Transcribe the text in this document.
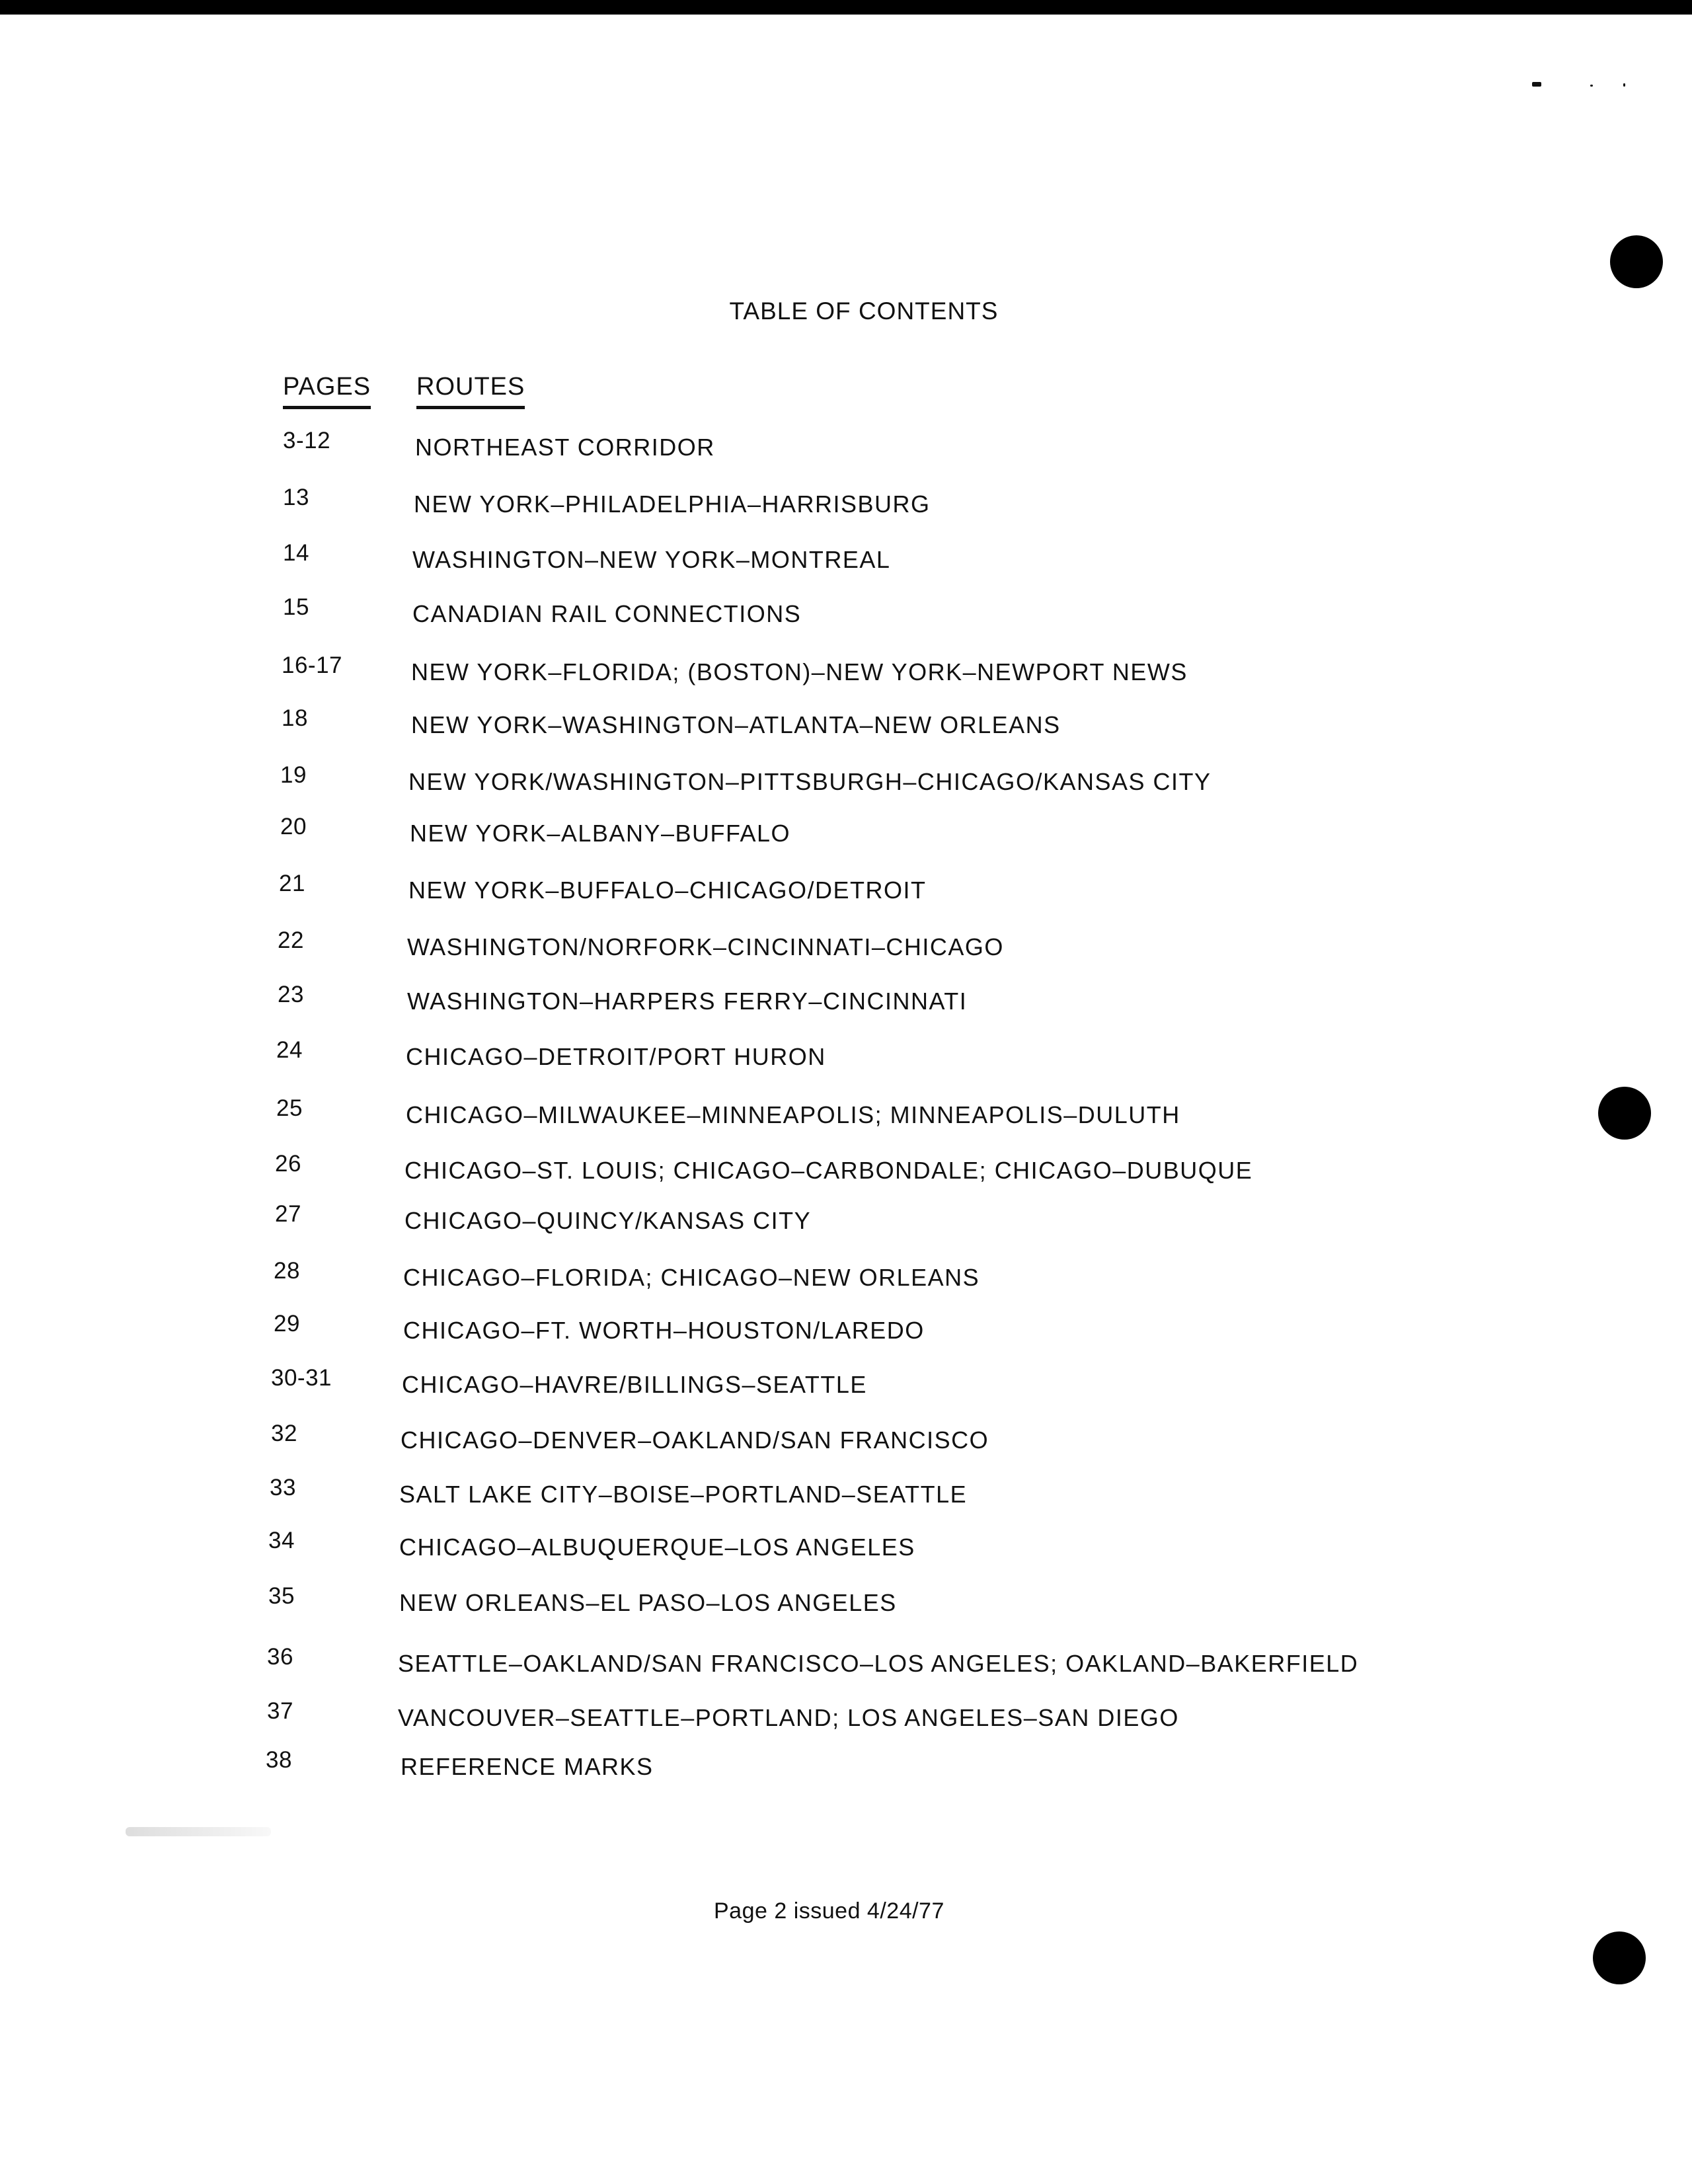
TABLE OF CONTENTS
PAGES ROUTES
3-12	NORTHEAST CORRIDOR
13	NEW YORK–PHILADELPHIA–HARRISBURG
14	WASHINGTON–NEW YORK–MONTREAL
15	CANADIAN RAIL CONNECTIONS
16-17	NEW YORK–FLORIDA; (BOSTON)–NEW YORK–NEWPORT NEWS
18	NEW YORK–WASHINGTON–ATLANTA–NEW ORLEANS
19	NEW YORK/WASHINGTON–PITTSBURGH–CHICAGO/KANSAS CITY
20	NEW YORK–ALBANY–BUFFALO
21	NEW YORK–BUFFALO–CHICAGO/DETROIT
22	WASHINGTON/NORFORK–CINCINNATI–CHICAGO
23	WASHINGTON–HARPERS FERRY–CINCINNATI
24	CHICAGO–DETROIT/PORT HURON
25	CHICAGO–MILWAUKEE–MINNEAPOLIS; MINNEAPOLIS–DULUTH
26	CHICAGO–ST. LOUIS; CHICAGO–CARBONDALE; CHICAGO–DUBUQUE
27	CHICAGO–QUINCY/KANSAS CITY
28	CHICAGO–FLORIDA; CHICAGO–NEW ORLEANS
29	CHICAGO–FT. WORTH–HOUSTON/LAREDO
30-31	CHICAGO–HAVRE/BILLINGS–SEATTLE
32	CHICAGO–DENVER–OAKLAND/SAN FRANCISCO
33	SALT LAKE CITY–BOISE–PORTLAND–SEATTLE
34	CHICAGO–ALBUQUERQUE–LOS ANGELES
35	NEW ORLEANS–EL PASO–LOS ANGELES
36	SEATTLE–OAKLAND/SAN FRANCISCO–LOS ANGELES; OAKLAND–BAKERFIELD
37	VANCOUVER–SEATTLE–PORTLAND; LOS ANGELES–SAN DIEGO
38	REFERENCE MARKS
Page 2 issued 4/24/77
